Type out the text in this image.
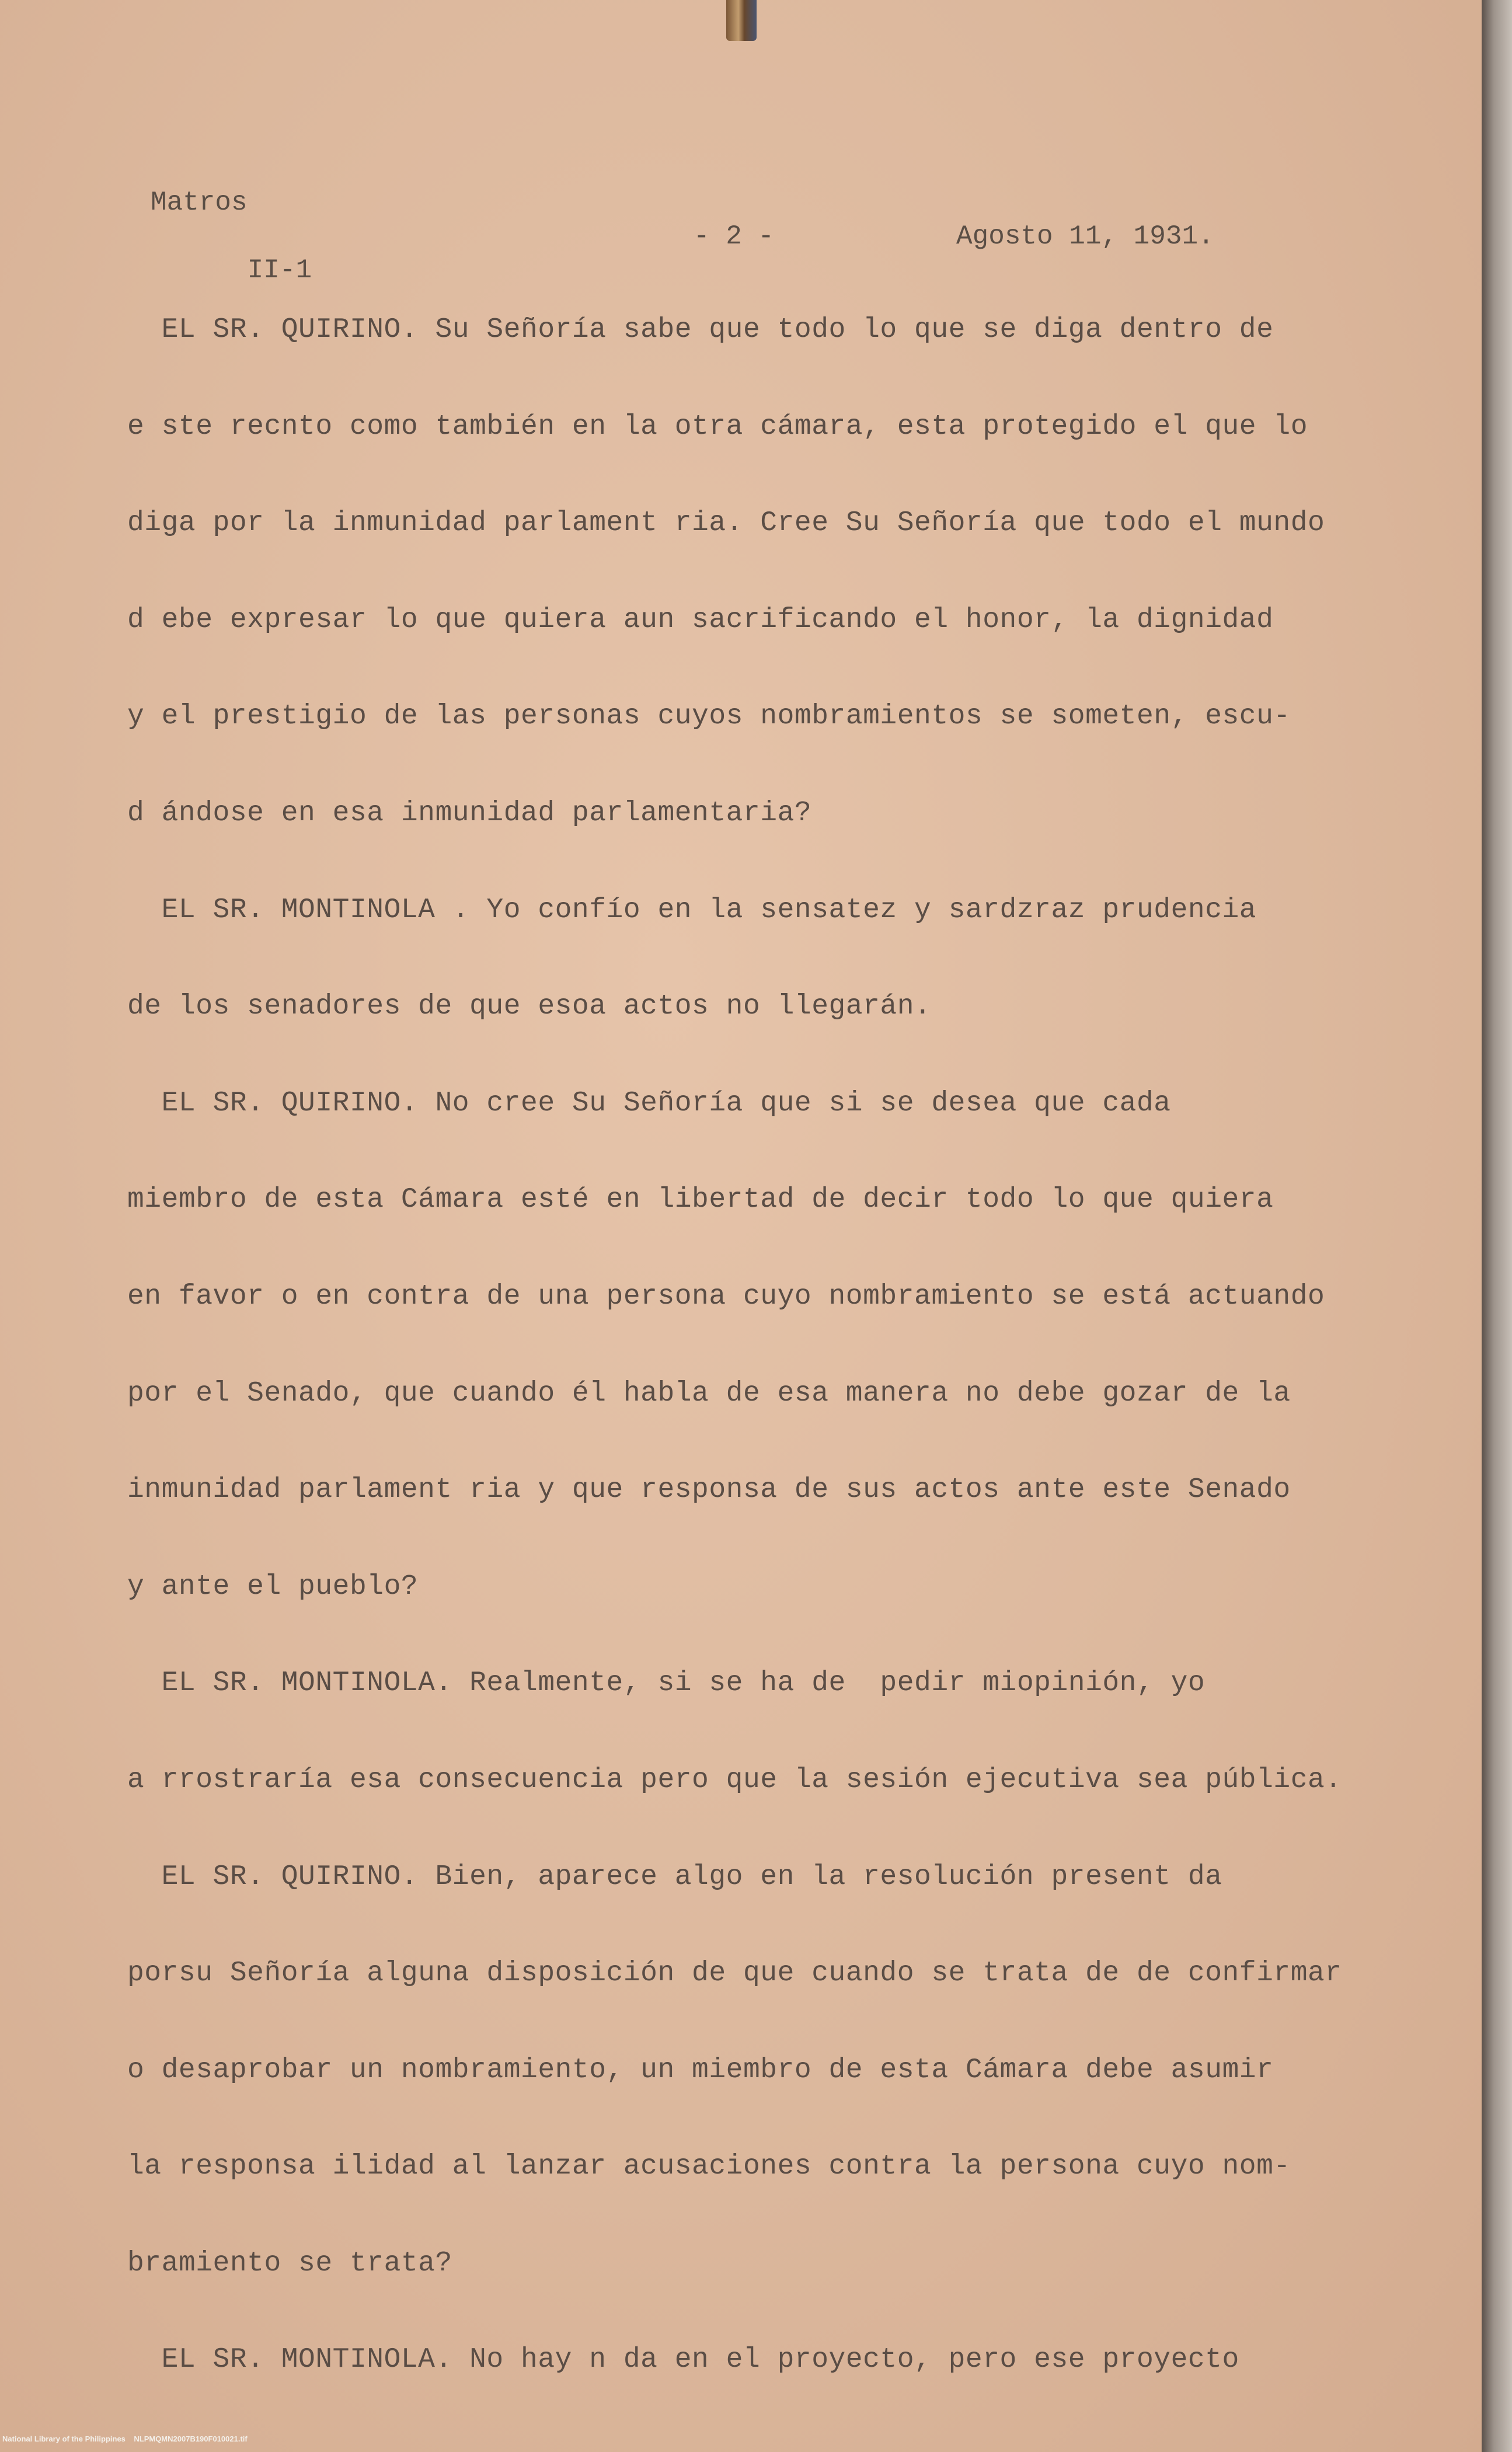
Matros

II-1

- 2 -

	Agosto 11, 1931.

EL SR. QUIRINO. Su Señoría sabe que todo lo que se diga dentro de
e ste recnto como también en la otra cámara, esta protegido el que lo
diga por la inmunidad parlament ria. Cree Su Señoría que todo el mundo
d ebe expresar lo que quiera aun sacrificando el honor, la dignidad
y el prestigio de las personas cuyos nombramientos se someten, escu-
d ándose en esa inmunidad parlamentaria?
EL SR. MONTINOLA . Yo confío en la sensatez y sardzraz prudencia
de los senadores de que esoa actos no llegarán.
EL SR. QUIRINO. No cree Su Señoría que si se desea que cada
miembro de esta Cámara esté en libertad de decir todo lo que quiera
en favor o en contra de una persona cuyo nombramiento se está actuando
por el Senado, que cuando él habla de esa manera no debe gozar de la
inmunidad parlament ria y que responsa de sus actos ante este Senado
y ante el pueblo?
EL SR. MONTINOLA. Realmente, si se ha de  pedir miopinión, yo
a rrostraría esa consecuencia pero que la sesión ejecutiva sea pública.
EL SR. QUIRINO. Bien, aparece algo en la resolución present da
porsu Señoría alguna disposición de que cuando se trata de de confirmar
o desaprobar un nombramiento, un miembro de esta Cámara debe asumir
la responsa ilidad al lanzar acusaciones contra la persona cuyo nom-
bramiento se trata?
EL SR. MONTINOLA. No hay n da en el proyecto, pero ese proyecto
National Library of the Philippines    NLPMQMN2007B190F010021.tif
